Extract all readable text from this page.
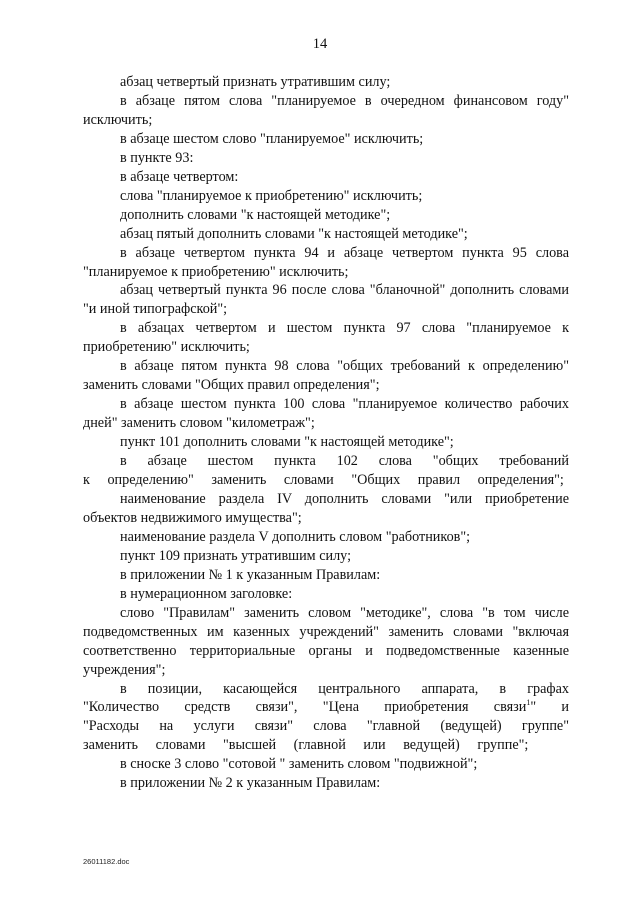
14

абзац четвертый признать утратившим силу;

в абзаце пятом слова "планируемое в очередном финансовом году" исключить;

в абзаце шестом слово "планируемое" исключить;

в пункте 93:

в абзаце четвертом:

слова "планируемое к приобретению" исключить;

дополнить словами "к настоящей методике";

абзац пятый дополнить словами "к настоящей методике";

в абзаце четвертом пункта 94 и абзаце четвертом пункта 95 слова "планируемое к приобретению" исключить;

абзац четвертый пункта 96 после слова "бланочной" дополнить словами "и иной типографской";

в абзацах четвертом и шестом пункта 97 слова "планируемое к приобретению" исключить;

в абзаце пятом пункта 98 слова "общих требований к определению" заменить словами "Общих правил определения";

в абзаце шестом пункта 100 слова "планируемое количество рабочих дней" заменить словом "километраж";

пункт 101 дополнить словами "к настоящей методике";

в абзаце шестом пункта 102 слова "общих требований к определению" заменить словами "Общих правил определения";

наименование раздела IV дополнить словами "или приобретение объектов недвижимого имущества";

наименование раздела V дополнить словом "работников";

пункт 109 признать утратившим силу;

в приложении № 1 к указанным Правилам:

в нумерационном заголовке:

слово "Правилам" заменить словом "методике", слова "в том числе подведомственных им казенных учреждений" заменить словами "включая соответственно территориальные органы и подведомственные казенные учреждения";

в позиции, касающейся центрального аппарата, в графах "Количество средств связи", "Цена приобретения связи$^1$" и "Расходы на услуги связи" слова "главной (ведущей) группе" заменить словами "высшей (главной или ведущей) группе";

в сноске 3 слово "сотовой " заменить словом "подвижной";

в приложении № 2 к указанным Правилам:

26011182.doc
